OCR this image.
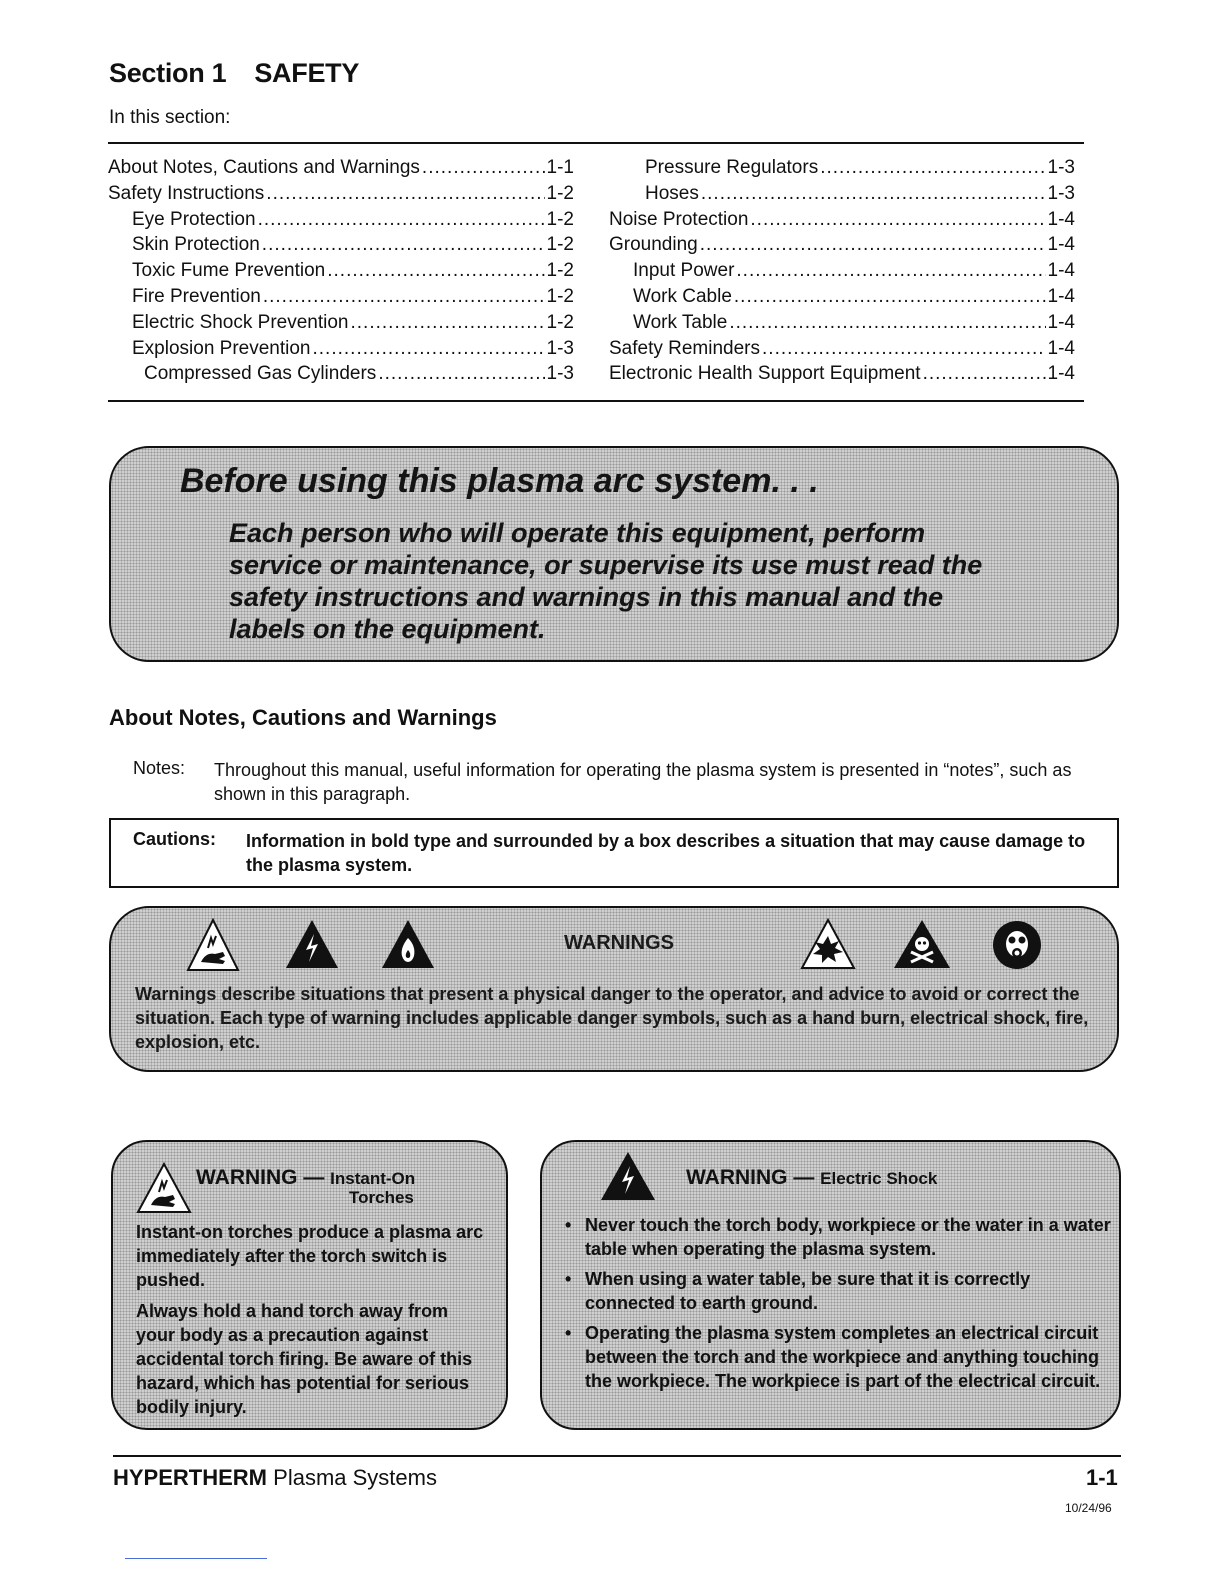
Section 1 SAFETY
In this section:
About Notes, Cautions and Warnings .....	1-1
Safety Instructions .....	1-2
Eye Protection .....	1-2
Skin Protection .....	1-2
Toxic Fume Prevention .....	1-2
Fire Prevention .....	1-2
Electric Shock Prevention .....	1-2
Explosion Prevention .....	1-3
Compressed Gas Cylinders .....	1-3
Pressure Regulators .....	1-3
Hoses .....	1-3
Noise Protection .....	1-4
Grounding .....	1-4
Input Power .....	1-4
Work Cable .....	1-4
Work Table .....	1-4
Safety Reminders .....	1-4
Electronic Health Support Equipment .....	1-4
Before using this plasma arc system. . .
Each person who will operate this equipment, perform service or maintenance, or supervise its use must read the safety instructions and warnings in this manual and the labels on the equipment.
About Notes, Cautions and Warnings
Notes: Throughout this manual, useful information for operating the plasma system is presented in “notes”, such as shown in this paragraph.
Cautions: Information in bold type and surrounded by a box describes a situation that may cause damage to the plasma system.
WARNINGS
Warnings describe situations that present a physical danger to the operator, and advice to avoid or correct the situation. Each type of warning includes applicable danger symbols, such as a hand burn, electrical shock, fire, explosion, etc.
WARNING — Instant-On
Torches
Instant-on torches produce a plasma arc immediately after the torch switch is pushed.
Always hold a hand torch away from your body as a precaution against accidental torch firing. Be aware of this hazard, which has potential for serious bodily injury.
WARNING — Electric Shock
• Never touch the torch body, workpiece or the water in a water table when operating the plasma system.
• When using a water table, be sure that it is correctly connected to earth ground.
• Operating the plasma system completes an electrical circuit between the torch and the workpiece and anything touching the workpiece. The workpiece is part of the electrical circuit.
HYPERTHERM Plasma Systems	1-1
10/24/96
